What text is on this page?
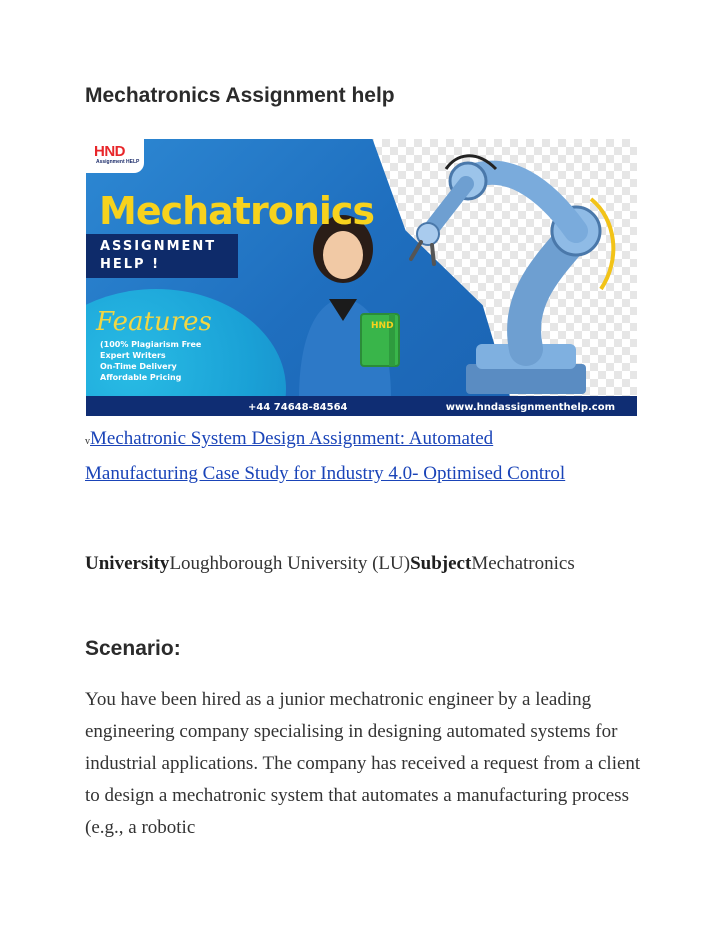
Mechatronics Assignment help
HND
HND
Assignment HELP
Mechatronics
ASSIGNMENT
HELP !
Features
(100% Plagiarism Free
Expert Writers
On-Time Delivery
Affordable Pricing
+44 74648-84564	www.hndassignmenthelp.com
vMechatronic System Design Assignment: Automated Manufacturing Case Study for Industry 4.0- Optimised Control
UniversityLoughborough University (LU)SubjectMechatronics
Scenario:

You have been hired as a junior mechatronic engineer by a leading engineering company specialising in designing automated systems for industrial applications. The company has received a request from a client to design a mechatronic system that automates a manufacturing process (e.g., a robotic
